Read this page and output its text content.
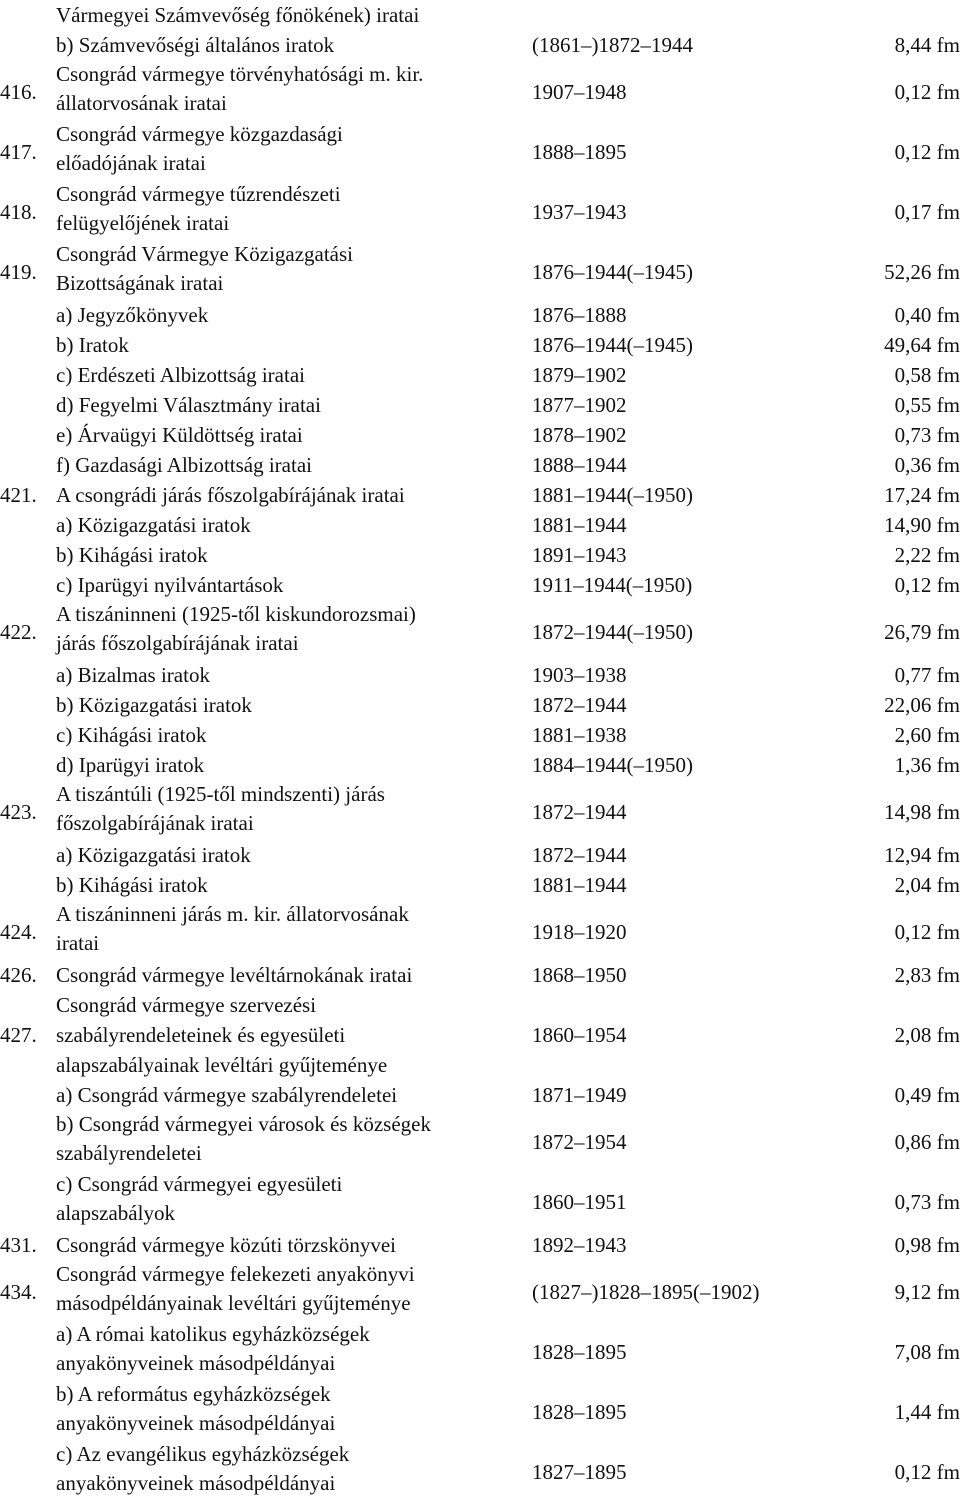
Vármegyei Számvevőség főnökének) iratai
b) Számvevőségi általános iratok	(1861–)1872–1944	8,44 fm
416.
Csongrád vármegye törvényhatósági m. kir.
állatorvosának iratai	1907–1948	0,12 fm
417.
Csongrád vármegye közgazdasági
előadójának iratai	1888–1895	0,12 fm
418.
Csongrád vármegye tűzrendészeti
felügyelőjének iratai	1937–1943	0,17 fm
419.
Csongrád Vármegye Közigazgatási
Bizottságának iratai	1876–1944(–1945)	52,26 fm
a) Jegyzőkönyvek	1876–1888	0,40 fm
b) Iratok	1876–1944(–1945)	49,64 fm
c) Erdészeti Albizottság iratai	1879–1902	0,58 fm
d) Fegyelmi Választmány iratai	1877–1902	0,55 fm
e) Árvaügyi Küldöttség iratai	1878–1902	0,73 fm
f) Gazdasági Albizottság iratai	1888–1944	0,36 fm
421. A csongrádi járás főszolgabírájának iratai	1881–1944(–1950)	17,24 fm
a) Közigazgatási iratok	1881–1944	14,90 fm
b) Kihágási iratok	1891–1943	2,22 fm
c) Iparügyi nyilvántartások	1911–1944(–1950)	0,12 fm
422.
A tiszáninneni (1925-től kiskundorozsmai)
járás főszolgabírájának iratai	1872–1944(–1950)	26,79 fm
a) Bizalmas iratok	1903–1938	0,77 fm
b) Közigazgatási iratok	1872–1944	22,06 fm
c) Kihágási iratok	1881–1938	2,60 fm
d) Iparügyi iratok	1884–1944(–1950)	1,36 fm
423.
A tiszántúli (1925-től mindszenti) járás
főszolgabírájának iratai	1872–1944	14,98 fm
a) Közigazgatási iratok	1872–1944	12,94 fm
b) Kihágási iratok	1881–1944	2,04 fm
424.
A tiszáninneni járás m. kir. állatorvosának
iratai	1918–1920	0,12 fm
426. Csongrád vármegye levéltárnokának iratai	1868–1950	2,83 fm
427.
Csongrád vármegye szervezési
szabályrendeleteinek és egyesületi
alapszabályainak levéltári gyűjteménye
1860–1954	2,08 fm
a) Csongrád vármegye szabályrendeletei	1871–1949	0,49 fm
b) Csongrád vármegyei városok és községek
szabályrendeletei	1872–1954	0,86 fm
c) Csongrád vármegyei egyesületi
alapszabályok	1860–1951	0,73 fm
431. Csongrád vármegye közúti törzskönyvei	1892–1943	0,98 fm
434.
Csongrád vármegye felekezeti anyakönyvi
másodpéldányainak levéltári gyűjteménye	(1827–)1828–1895(–1902)	9,12 fm
a) A római katolikus egyházközségek
anyakönyveinek másodpéldányai	1828–1895	7,08 fm
b) A református egyházközségek
anyakönyveinek másodpéldányai	1828–1895	1,44 fm
c) Az evangélikus egyházközségek
anyakönyveinek másodpéldányai	1827–1895	0,12 fm
